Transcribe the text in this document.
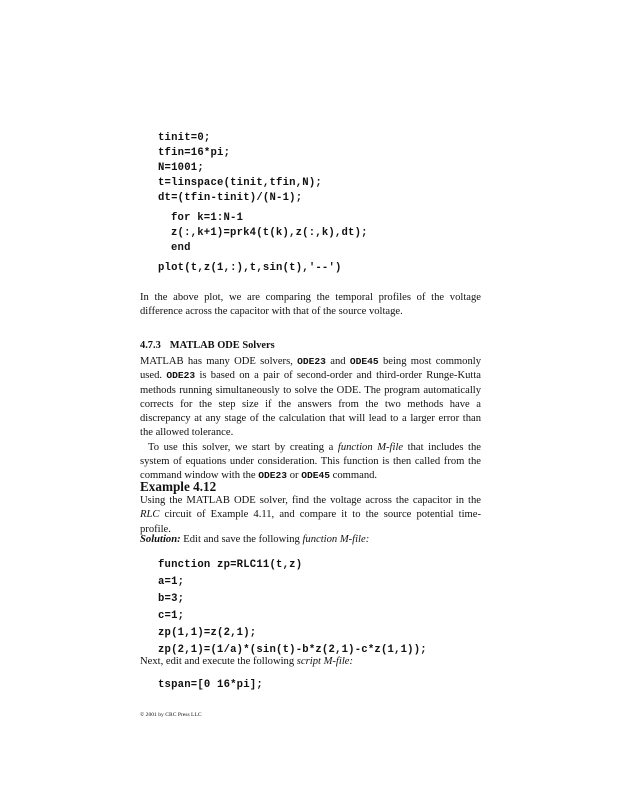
tinit=0;
tfin=16*pi;
N=1001;
t=linspace(tinit,tfin,N);
dt=(tfin-tinit)/(N-1);
for k=1:N-1
z(:,k+1)=prk4(t(k),z(:,k),dt);
end
plot(t,z(1,:),t,sin(t),'--')

In the above plot, we are comparing the temporal profiles of the voltage difference across the capacitor with that of the source voltage.

4.7.3 MATLAB ODE Solvers

MATLAB has many ODE solvers, ODE23 and ODE45 being most commonly used. ODE23 is based on a pair of second-order and third-order Runge-Kutta methods running simultaneously to solve the ODE. The program automatically corrects for the step size if the answers from the two methods have a discrepancy at any stage of the calculation that will lead to a larger error than the allowed tolerance.

To use this solver, we start by creating a function M-file that includes the system of equations under consideration. This function is then called from the command window with the ODE23 or ODE45 command.

Example 4.12

Using the MATLAB ODE solver, find the voltage across the capacitor in the RLC circuit of Example 4.11, and compare it to the source potential time-profile.

Solution: Edit and save the following function M-file:

function zp=RLC11(t,z)
a=1;
b=3;
c=1;
zp(1,1)=z(2,1);
zp(2,1)=(1/a)*(sin(t)-b*z(2,1)-c*z(1,1));

Next, edit and execute the following script M-file:

tspan=[0 16*pi];

© 2001 by CRC Press LLC
